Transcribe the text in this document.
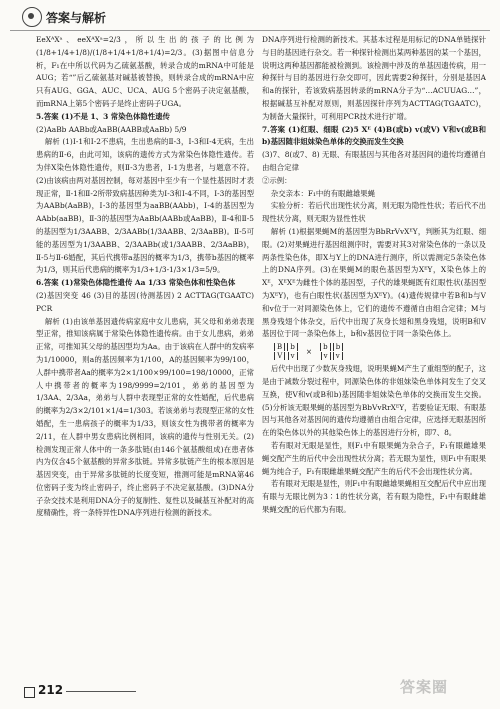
答案与解析

EeXᴬXᵃ、eeXᴬXᵃ=2/3，所以生出的孩子的比例为(1/8+1/4+1/8)/(1/8+1/4+1/8+1/4)=2/3。(3)据图中信息分析，F₁在中所以代码为乙硫氨基酸，转录合成的mRNA中可能是AUG；若“”后乙硫氨基对碱基被替换，则转录合成的mRNA中应只有AUG、GGA、AUC、UCA、AUG 5个密码子决定氨基酸，而mRNA上第5个密码子是终止密码子UGA。

5.答案 (1)不是 1、3 常染色体隐性遗传

(2)AaBb AABb或AaBB(AABB或AaBb) 5/9

解析 (1)Ⅰ-1和Ⅰ-2不患病，生出患病的Ⅱ-3，Ⅰ-3和Ⅰ-4无病，生出患病的Ⅱ-6，由此可知，该病的遗传方式为常染色体隐性遗传。若为伴X染色体隐性遗传，则Ⅱ-3为患者，Ⅰ-1为患者，与题意不符。(2)由该病由两对基因控制，每对基因中至少有一个显性基因时才表现正常，Ⅱ-1和Ⅱ-2所带致病基因种类为Ⅰ-3和Ⅰ-4不同，Ⅰ-3的基因型为AABb(AaBB)，Ⅰ-3的基因型为aaBB(AAbb)，Ⅰ-4的基因型为AAbb(aaBB)，Ⅱ-3的基因型为AaBb(AABb或AaBB)，Ⅱ-4和Ⅱ-5的基因型为1/3AABB、2/3AABb(1/3AABB、2/3AaBB)。Ⅱ-5可能的基因型为1/3AABB、2/3AABb(或1/3AABB、2/3AaBB)，Ⅱ-5与Ⅱ-6婚配，其后代携带a基因的概率为1/3，携带b基因的概率为1/3，则其后代患病的概率为1/3+1/3-1/3×1/3=5/9。

6.答案 (1)常染色体隐性遗传 Aa 1/33 常染色体和性染色体

(2)基因突变 46 (3)目的基因(待测基因) 2 ACTTAG(TGAATC) PCR

解析 (1)由该单基因遗传病家庭中女儿患病，其父母和弟弟表现型正常，推知该病属于常染色体隐性遗传病。由于女儿患病，弟弟正常，可推知其父母的基因型均为Aa。由于该病在人群中的发病率为1/10000，则a的基因频率为1/100，A的基因频率为99/100，人群中携带者Aa的概率为2×1/100×99/100=198/10000，正常人中携带者的概率为198/9999=2/101，弟弟的基因型为1/3AA、2/3Aa，弟弟与人群中表现型正常的女性婚配，后代患病的概率为2/3×2/101×1/4=1/303。若该弟弟与表现型正常的女性婚配，生一患病孩子的概率为1/33，则该女性为携带者的概率为2/11，在人群中男女患病比例相同，该病的遗传与性别无关。(2)检测发现正常人体中的一条多肽链(由146个氨基酸组成)在患者体内为仅含45个氨基酸的异常多肽链。异常多肽链产生的根本原因是基因突变，由于异常多肽链的长度变短，推测可能是mRNA第46位密码子变为终止密码子，终止密码子不决定氨基酸。(3)DNA分子杂交技术是利用DNA分子的复制性、复性以及碱基互补配对的高度精确性，将一条特异性DNA序列进行检测的新技术。

DNA序列进行检测的新技术。其基本过程是用标记的DNA单链探针与目的基因进行杂交。若一种探针检测出某两种基因的某一个基因，说明这两种基因都能被检测到。该检测中涉及的单基因遗传病，用一种探针与目的基因进行杂交即可，因此需要2种探针，分别是基因A和a的探针，若该致病基因转录的mRNA分子为“…ACUUAG…”，根据碱基互补配对原则，则基因探针序列为ACTTAG(TGAATC)，为制备大量探针，可利用PCR技术进行扩增。

7.答案 (1)红眼、细眼 (2)5 Xᴱ (4)B(或b) v(或V) V和v(或B和b)基因随非姐妹染色单体的交换而发生交换

(3)7、8(或7、8) 无眼、有眼基因与其他各对基因间的遗传均遵循自由组合定律

②示例：

杂交亲本：F₁中的有眼雌雄果蝇

实验分析：若后代出现性状分离，则无眼为隐性性状；若后代不出现性状分离，则无眼为显性性状

解析 (1)根据果蝇M的基因型为BbRrVvXᴱY，判断其为红眼、细眼。(2)对果蝇进行基因组测序时，需要对其3对常染色体的一条以及两条性染色体，即X与Y上的DNA进行测序，所以需测定5条染色体上的DNA序列。(3)在果蝇M的眼色基因型为XᴱY，X染色体上的Xᴱ，XᴱXᴱ为雌性个体的基因型，子代的雄果蝇既有红眼性状(基因型为XᴱY)，也有白眼性状(基因型为XᴱY)。(4)遗传规律中若B和b与V和v位于一对同源染色体上，它们的遗传不遵循自由组合定律；M与黑身残翅个体杂交，后代中出现了灰身长翅和黑身残翅，说明B和V基因位于同一条染色体上，b和v基因位于同一条染色体上。

B b
V v
×	b b
v v

后代中出现了少数灰身残翅，说明果蝇M产生了重组型的配子，这是由于减数分裂过程中，同源染色体的非姐妹染色单体间发生了交叉互换，使V和v(或B和b)基因随非姐妹染色单体的交换而发生交换。(5)分析该无眼果蝇的基因型为BbVvRrXᴱY，若要验证无眼、有眼基因与其他各对基因间的遗传均遵循自由组合定律，应选择无眼基因所在的染色体以外的其他染色体上的基因进行分析，即7、8。

若有眼对无眼是显性，则F₁中有眼果蝇为杂合子，F₁有眼雌雄果蝇交配产生的后代中会出现性状分离；若无眼为显性，则F₁中有眼果蝇为纯合子，F₁有眼雌雄果蝇交配产生的后代不会出现性状分离。

若有眼对无眼是显性，则F₁中有眼雌雄果蝇相互交配后代中应出现有眼与无眼比例为3∶1的性状分离，若有眼为隐性，F₁中有眼雌雄果蝇交配的后代都为有眼。

212	答案圈
